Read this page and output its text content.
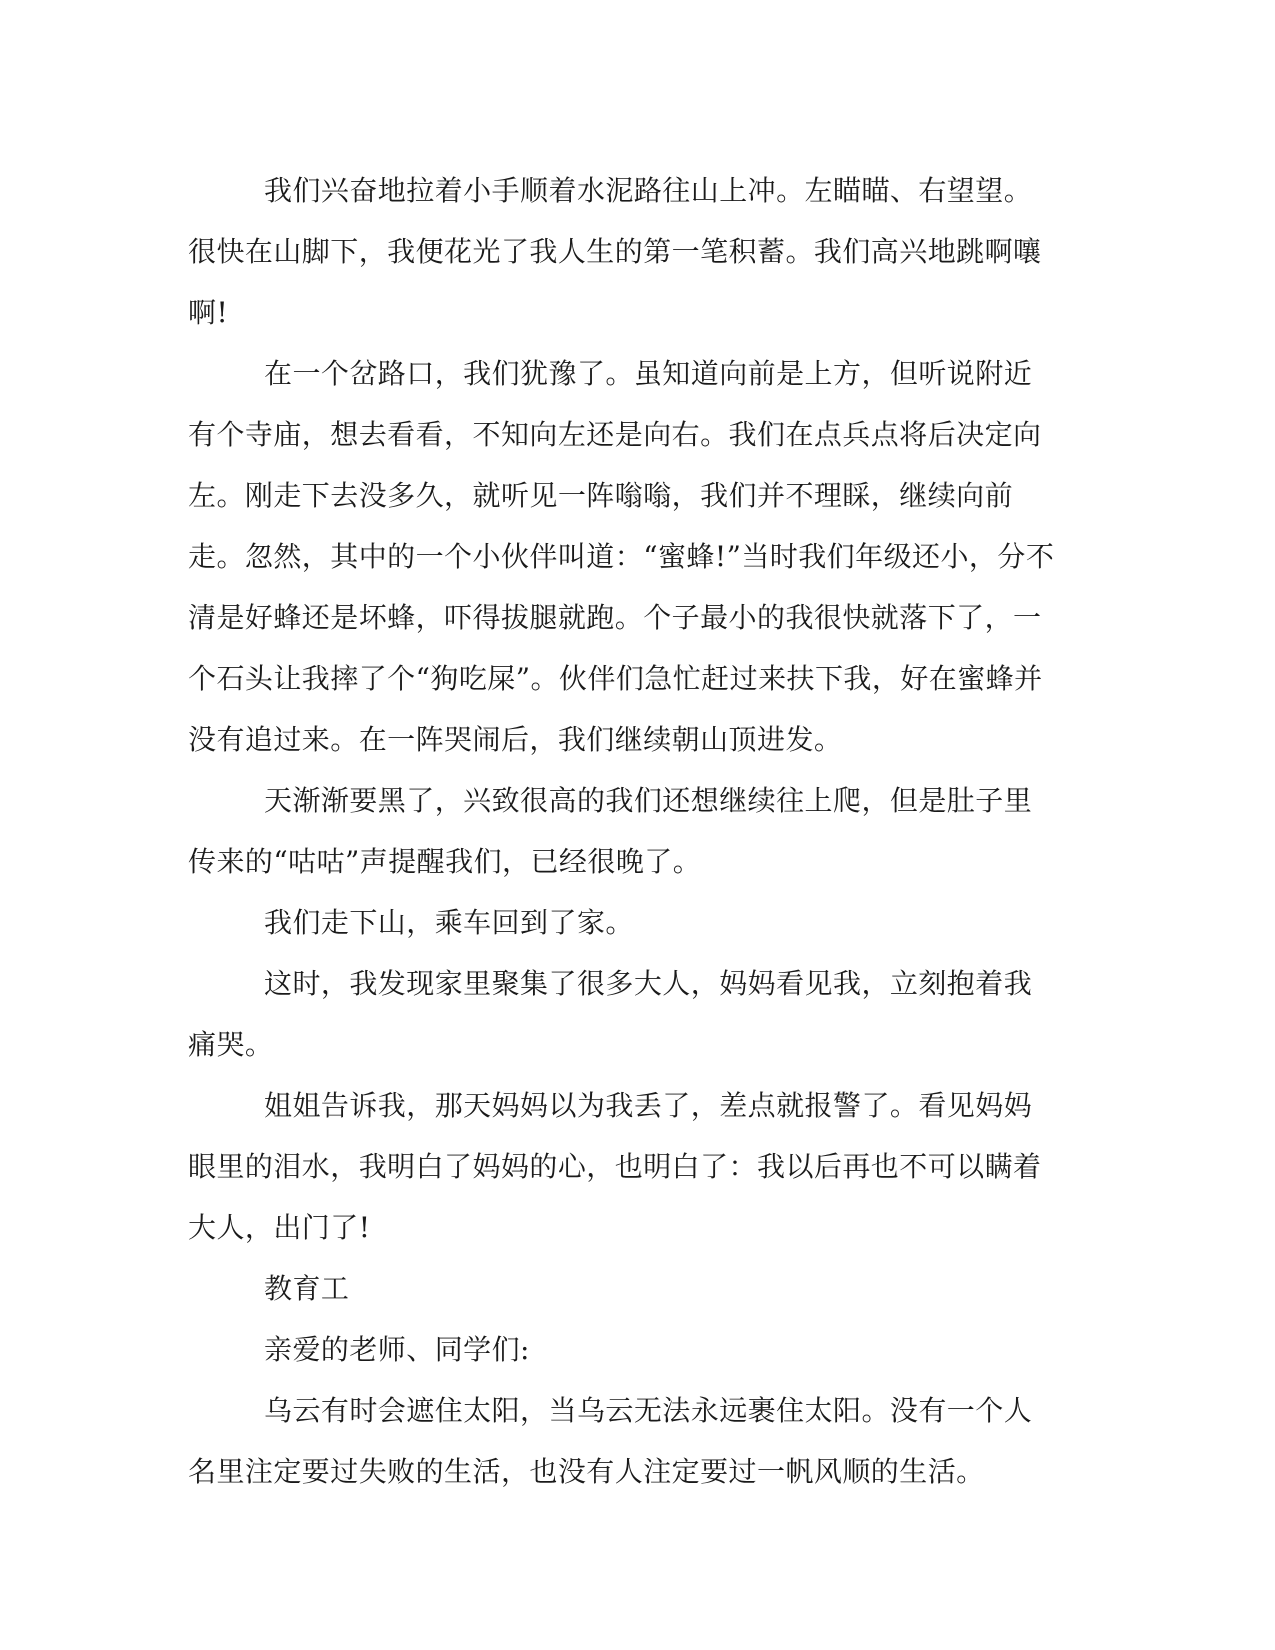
我们兴奋地拉着小手顺着水泥路往山上冲。左瞄瞄、右望望。很快在山脚下，我便花光了我人生的第一笔积蓄。我们高兴地跳啊嚷啊!

在一个岔路口，我们犹豫了。虽知道向前是上方，但听说附近有个寺庙，想去看看，不知向左还是向右。我们在点兵点将后决定向左。刚走下去没多久，就听见一阵嗡嗡，我们并不理睬，继续向前走。忽然，其中的一个小伙伴叫道：“蜜蜂!”当时我们年级还小，分不清是好蜂还是坏蜂，吓得拔腿就跑。个子最小的我很快就落下了，一个石头让我摔了个“狗吃屎”。伙伴们急忙赶过来扶下我，好在蜜蜂并没有追过来。在一阵哭闹后，我们继续朝山顶进发。

天渐渐要黑了，兴致很高的我们还想继续往上爬，但是肚子里传来的“咕咕”声提醒我们，已经很晚了。

我们走下山，乘车回到了家。

这时，我发现家里聚集了很多大人，妈妈看见我，立刻抱着我痛哭。

姐姐告诉我，那天妈妈以为我丢了，差点就报警了。看见妈妈眼里的泪水，我明白了妈妈的心，也明白了：我以后再也不可以瞒着大人，出门了!

教育工

亲爱的老师、同学们:

乌云有时会遮住太阳，当乌云无法永远裹住太阳。没有一个人名里注定要过失败的生活，也没有人注定要过一帆风顺的生活。
